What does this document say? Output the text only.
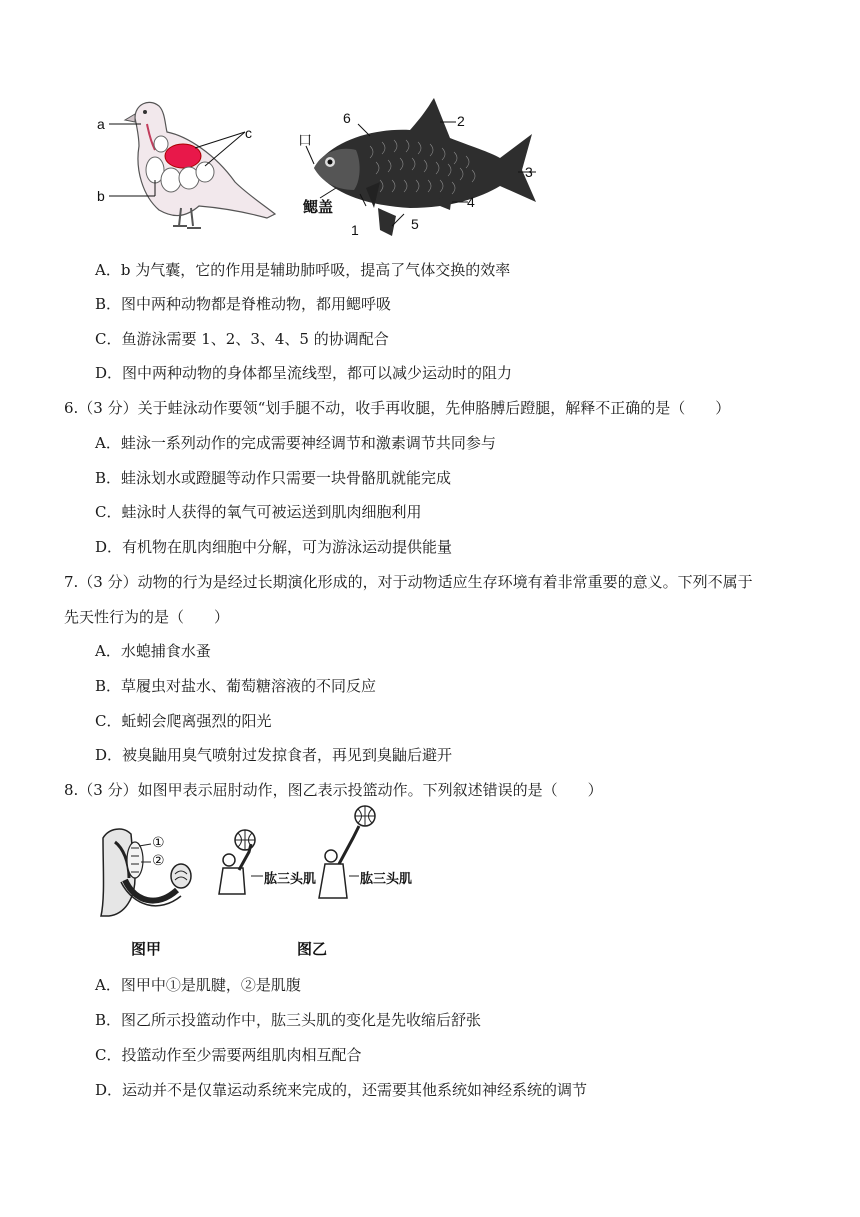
a
b
c	口
6	2
3
4
5
1
鳃盖
A．b 为气囊，它的作用是辅助肺呼吸，提高了气体交换的效率
B．图中两种动物都是脊椎动物，都用鳃呼吸
C．鱼游泳需要 1、2、3、4、5 的协调配合
D．图中两种动物的身体都呈流线型，都可以减少运动时的阻力
6.（3 分）关于蛙泳动作要领“划手腿不动，收手再收腿，先伸胳膊后蹬腿，解释不正确的是（　　）
A．蛙泳一系列动作的完成需要神经调节和激素调节共同参与
B．蛙泳划水或蹬腿等动作只需要一块骨骼肌就能完成
C．蛙泳时人获得的氧气可被运送到肌肉细胞利用
D．有机物在肌肉细胞中分解，可为游泳运动提供能量
7.（3 分）动物的行为是经过长期演化形成的，对于动物适应生存环境有着非常重要的意义。下列不属于
先天性行为的是（　　）
A．水螅捕食水蚤
B．草履虫对盐水、葡萄糖溶液的不同反应
C．蚯蚓会爬离强烈的阳光
D．被臭鼬用臭气喷射过发掠食者，再见到臭鼬后避开
8.（3 分）如图甲表示屈肘动作，图乙表示投篮动作。下列叙述错误的是（　　）
①
②
图甲
肱三头肌	肱三头肌
图乙
A．图甲中①是肌腱，②是肌腹
B．图乙所示投篮动作中，肱三头肌的变化是先收缩后舒张
C．投篮动作至少需要两组肌肉相互配合
D．运动并不是仅靠运动系统来完成的，还需要其他系统如神经系统的调节
